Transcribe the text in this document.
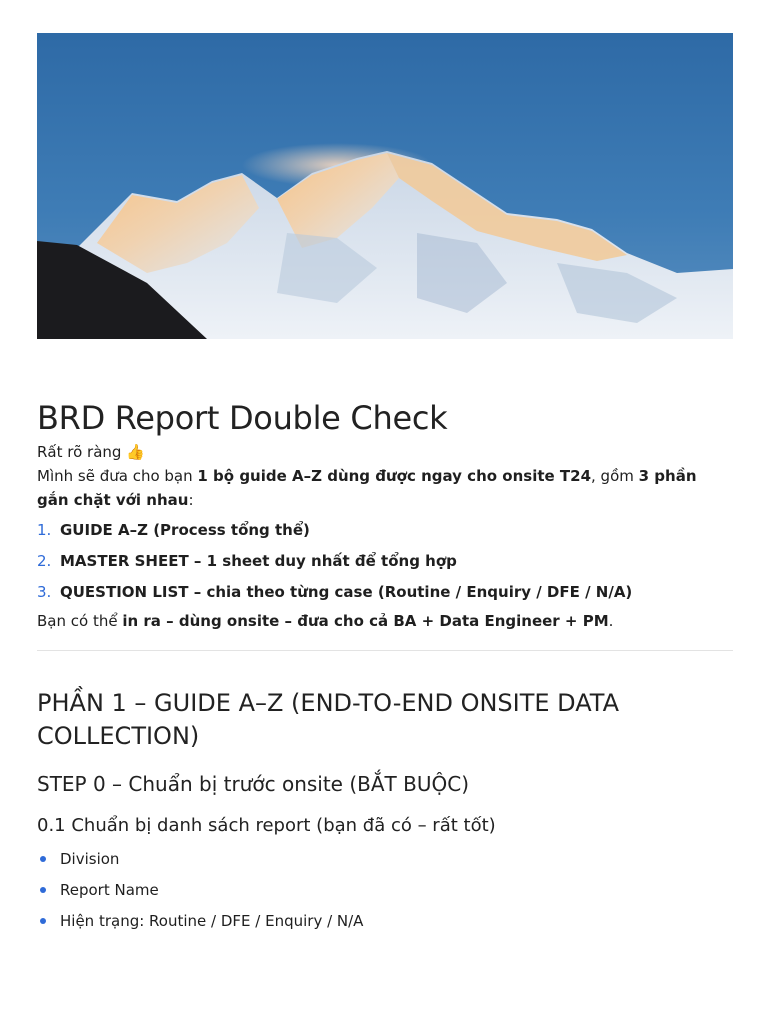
BRD Report Double Check

Rất rõ ràng 👍

Mình sẽ đưa cho bạn 1 bộ guide A–Z dùng được ngay cho onsite T24, gồm 3 phần gắn chặt với nhau:

1. GUIDE A–Z (Process tổng thể)
2. MASTER SHEET – 1 sheet duy nhất để tổng hợp
3. QUESTION LIST – chia theo từng case (Routine / Enquiry / DFE / N/A)

Bạn có thể in ra – dùng onsite – đưa cho cả BA + Data Engineer + PM.

PHẦN 1 – GUIDE A–Z (END-TO-END ONSITE DATA COLLECTION)
STEP 0 – Chuẩn bị trước onsite (BẮT BUỘC)
0.1 Chuẩn bị danh sách report (bạn đã có – rất tốt)
Division
Report Name
Hiện trạng: Routine / DFE / Enquiry / N/A
